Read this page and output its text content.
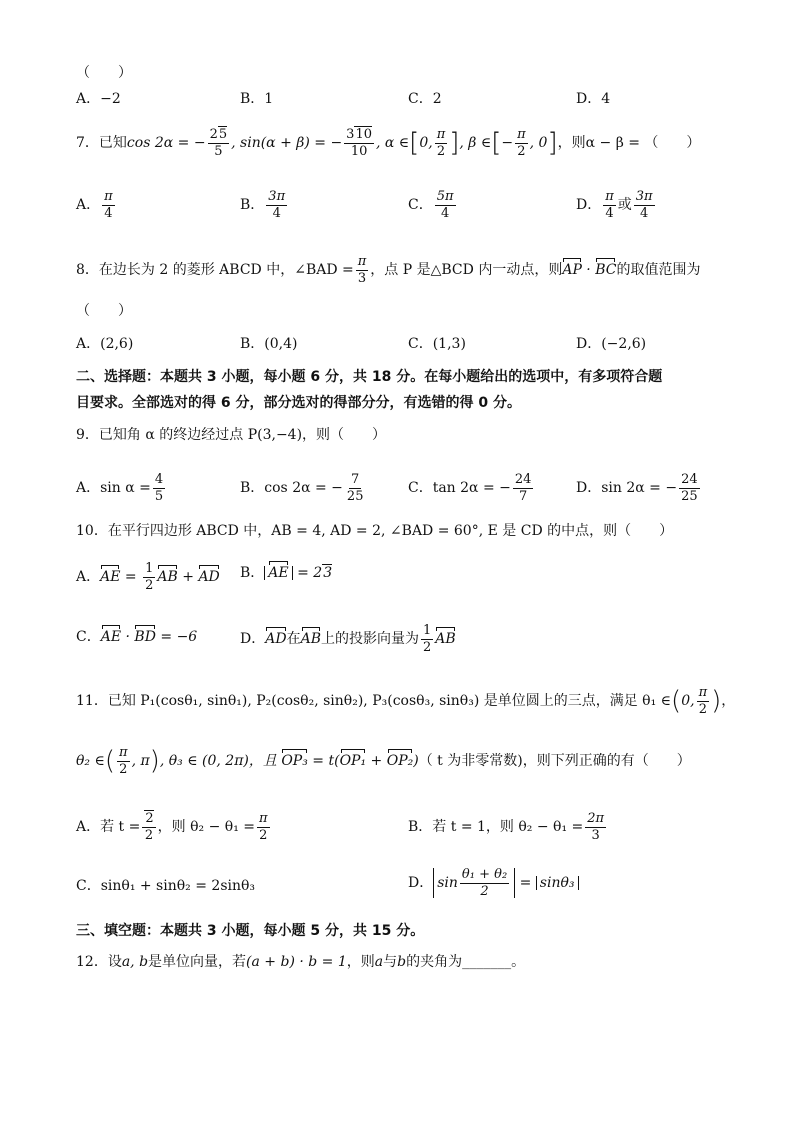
（　　）
A．−2	B．1	C．2	D．4
7．已知cos 2α = − $\frac{25}{5}$ , sin(α + β) = − $\frac{310}{10}$ , α ∈[0, $\frac{\pi}{2}$ ], β ∈[− $\frac{\pi}{2}$ , 0]，则α − β = （　　）
A． $\frac{\pi}{4}$	B． $\frac{3\pi}{4}$	C． $\frac{5\pi}{4}$	D． $\frac{\pi}{4}$ 或 $\frac{3\pi}{4}$
8．在边长为 2 的菱形 ABCD 中，∠BAD = $\frac{\pi}{3}$ ，点 P 是△BCD 内一动点，则AP · BC的取值范围为
（　　）
A．(2,6)	B．(0,4)	C．(1,3)	D．(−2,6)
二、选择题：本题共 3 小题，每小题 6 分，共 18 分。在每小题给出的选项中，有多项符合题
目要求。全部选对的得 6 分，部分选对的得部分分，有选错的得 0 分。
9．已知角 α 的终边经过点 P(3,−4)，则（　　）
A．$\sin \alpha = \frac{4}{5}$	B．cos 2α = − $\frac{7}{25}$	C．tan 2α = − $\frac{24}{7}$	D．sin 2α = − $\frac{24}{25}$
10．在平行四边形 ABCD 中，AB = 4, AD = 2, ∠BAD = 60°, E 是 CD 的中点，则（　　）
A．AE = $\frac{1}{2}$ AB + AD B． AE = 23
C．AE · BD = −6	D．AD在AB上的投影向量为 $\frac{1}{2}$ AB
11．已知 P₁(cosθ₁, sinθ₁), P₂(cosθ₂, sinθ₂), P₃(cosθ₃, sinθ₃) 是单位圆上的三点，满足 θ₁ ∈(0, $\frac{\pi}{2}$ )，
θ₂ ∈( $\frac{\pi}{2}$ , π), θ₃ ∈ (0, 2π)，且 OP₃ = t(OP₁ + OP₂)（ t 为非零常数)，则下列正确的有（　　）
A．若 $t = \frac{2}{2}$ ，则 $\theta_2 - \theta_1 = \frac{\pi}{2}$	B．若 t = 1，则 $\theta_2 - \theta_1 = \frac{2\pi}{3}$
C．sinθ₁ + sinθ₂ = 2sinθ₃	D． $\sin \frac{\text{θ₁ + θ₂}}{2} = \sin\theta_3$
三、填空题：本题共 3 小题，每小题 5 分，共 15 分。
12．设a, b是单位向量，若(a + b) · b = 1，则a与b的夹角为_______。
